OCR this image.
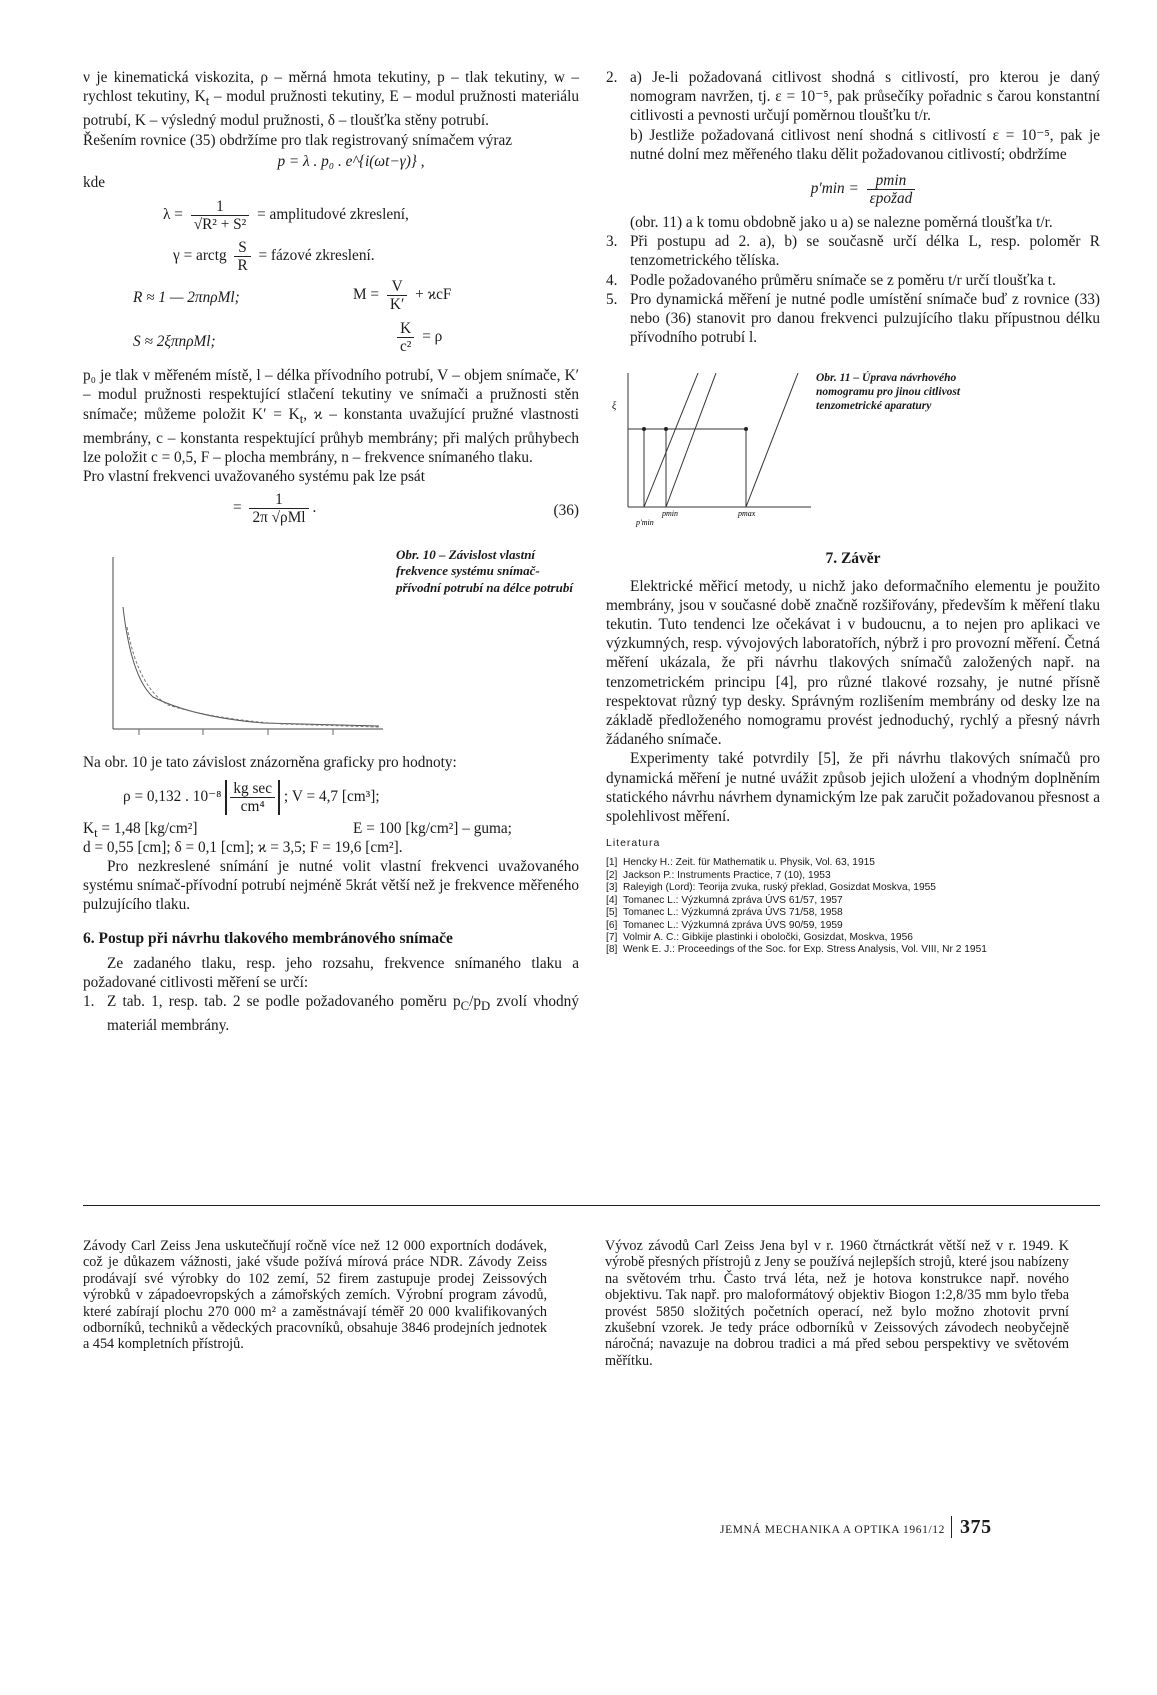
ν je kinematická viskozita, ρ – měrná hmota tekutiny, p – tlak tekutiny, w – rychlost tekutiny, $K_t$ – modul pružnosti tekutiny, E – modul pružnosti materiálu potrubí, K – výsledný modul pružnosti, δ – tloušťka stěny potrubí.

Řešením rovnice (35) obdržíme pro tlak registrovaný snímačem výraz

p = λ . p₀ . e^{i(ωt−γ)} ,
kde
$\lambda = \frac{1}{\text{√R² + S²}}$ = amplitudové zkreslení,
γ = arctg $\frac{S}{R}$ = fázové zkreslení.
R ≈ 1 — 2πnρMl;	$M = \frac{V}{K'} + ϰcF$
S ≈ 2ξπnρMl;	$\frac{K}{\text{c²}} = \rho$

p₀ je tlak v měřeném místě, l – délka přívodního potrubí, V – objem snímače, K′ – modul pružnosti respektující stlačení tekutiny ve snímači a pružnosti stěn snímače; můžeme položit $K' = K_t$, ϰ – konstanta uvažující pružné vlastnosti membrány, c – konstanta respektující průhyb membrány; při malých průhybech lze položit c = 0,5, F – plocha membrány, n – frekvence snímaného tlaku.

Pro vlastní frekvenci uvažovaného systému pak lze psát

= $\frac{1}{\text{2π √ρMl}}$ .	(36)
Obr. 10 – Závislost vlastní frekvence systému snímač-přívodní potrubí na délce potrubí

Na obr. 10 je tato závislost znázorněna graficky pro hodnoty:

ρ = 0,132 . $10^{-8} \frac{\text{kg sec}}{\text{cm⁴}}$ ; V = 4,7 [cm³];
$K_t = 1,48$ [kg/cm²]	E = 100 [kg/cm²] – guma;
d = 0,55 [cm]; δ = 0,1 [cm]; ϰ = 3,5; F = 19,6 [cm²].

Pro nezkreslené snímání je nutné volit vlastní frekvenci uvažovaného systému snímač-přívodní potrubí nejméně 5krát větší než je frekvence měřeného pulzujícího tlaku.

6. Postup při návrhu tlakového membránového snímače

Ze zadaného tlaku, resp. jeho rozsahu, frekvence snímaného tlaku a požadované citlivosti měření se určí:

1. Z tab. 1, resp. tab. 2 se podle požadovaného poměru $p_C/p_D$ zvolí vhodný materiál membrány.
2. a) Je-li požadovaná citlivost shodná s citlivostí, pro kterou je daný nomogram navržen, tj. ε = 10⁻⁵, pak průsečíky pořadnic s čarou konstantní citlivosti a pevnosti určují poměrnou tloušťku t/r.
b) Jestliže požadovaná citlivost není shodná s citlivostí ε = 10⁻⁵, pak je nutné dolní mez měřeného tlaku dělit požadovanou citlivostí; obdržíme
$p'\min = \frac{pmin}{\text{εpožad}}$
(obr. 11) a k tomu obdobně jako u a) se nalezne poměrná tloušťka t/r.
3. Při postupu ad 2. a), b) se současně určí délka L, resp. poloměr R tenzometrického tělíska.
4. Podle požadovaného průměru snímače se z poměru t/r určí tloušťka t.
5. Pro dynamická měření je nutné podle umístění snímače buď z rovnice (33) nebo (36) stanovit pro danou frekvenci pulzujícího tlaku přípustnou délku přívodního potrubí l.
ξ
p′min
pmin	pmax
Obr. 11 – Úprava návrhového nomogramu pro jinou citlivost tenzometrické aparatury
7. Závěr

Elektrické měřicí metody, u nichž jako deformačního elementu je použito membrány, jsou v současné době značně rozšiřovány, především k měření tlaku tekutin. Tuto tendenci lze očekávat i v budoucnu, a to nejen pro aplikaci ve výzkumných, resp. vývojových laboratořích, nýbrž i pro provozní měření. Četná měření ukázala, že při návrhu tlakových snímačů založených např. na tenzometrickém principu [4], pro různé tlakové rozsahy, je nutné přísně respektovat různý typ desky. Správným rozlišením membrány od desky lze na základě předloženého nomogramu provést jednoduchý, rychlý a přesný návrh žádaného snímače.

Experimenty také potvrdily [5], že při návrhu tlakových snímačů pro dynamická měření je nutné uvážit způsob jejich uložení a vhodným doplněním statického návrhu návrhem dynamickým lze pak zaručit požadovanou přesnost a spolehlivost měření.

Literatura
[1] Hencky H.: Zeit. für Mathematik u. Physik, Vol. 63, 1915
[2] Jackson P.: Instruments Practice, 7 (10), 1953
[3] Raleyigh (Lord): Teorija zvuka, ruský překlad, Gosizdat Moskva, 1955
[4] Tomanec L.: Výzkumná zpráva ÚVS 61/57, 1957
[5] Tomanec L.: Výzkumná zpráva ÚVS 71/58, 1958
[6] Tomanec L.: Výzkumná zpráva ÚVS 90/59, 1959
[7] Volmir A. C.: Gibkije plastinki i oboločki, Gosizdat, Moskva, 1956
[8] Wenk E. J.: Proceedings of the Soc. for Exp. Stress Analysis, Vol. VIII, Nr 2 1951
Závody Carl Zeiss Jena uskutečňují ročně více než 12 000 exportních dodávek, což je důkazem vážnosti, jaké všude požívá mírová práce NDR. Závody Zeiss prodávají své výrobky do 102 zemí, 52 firem zastupuje prodej Zeissových výrobků v západoevropských a zámořských zemích. Výrobní program závodů, které zabírají plochu 270 000 m² a zaměstnávají téměř 20 000 kvalifikovaných odborníků, techniků a vědeckých pracovníků, obsahuje 3846 prodejních jednotek a 454 kompletních přístrojů.
Vývoz závodů Carl Zeiss Jena byl v r. 1960 čtrnáctkrát větší než v r. 1949. K výrobě přesných přístrojů z Jeny se používá nejlepších strojů, které jsou nabízeny na světovém trhu. Často trvá léta, než je hotova konstrukce např. nového objektivu. Tak např. pro maloformátový objektiv Biogon 1:2,8/35 mm bylo třeba provést 5850 složitých početních operací, než bylo možno zhotovit první zkušební vzorek. Je tedy práce odborníků v Zeissových závodech neobyčejně náročná; navazuje na dobrou tradici a má před sebou perspektivy ve světovém měřítku.
JEMNÁ MECHANIKA A OPTIKA 1961/12 375
